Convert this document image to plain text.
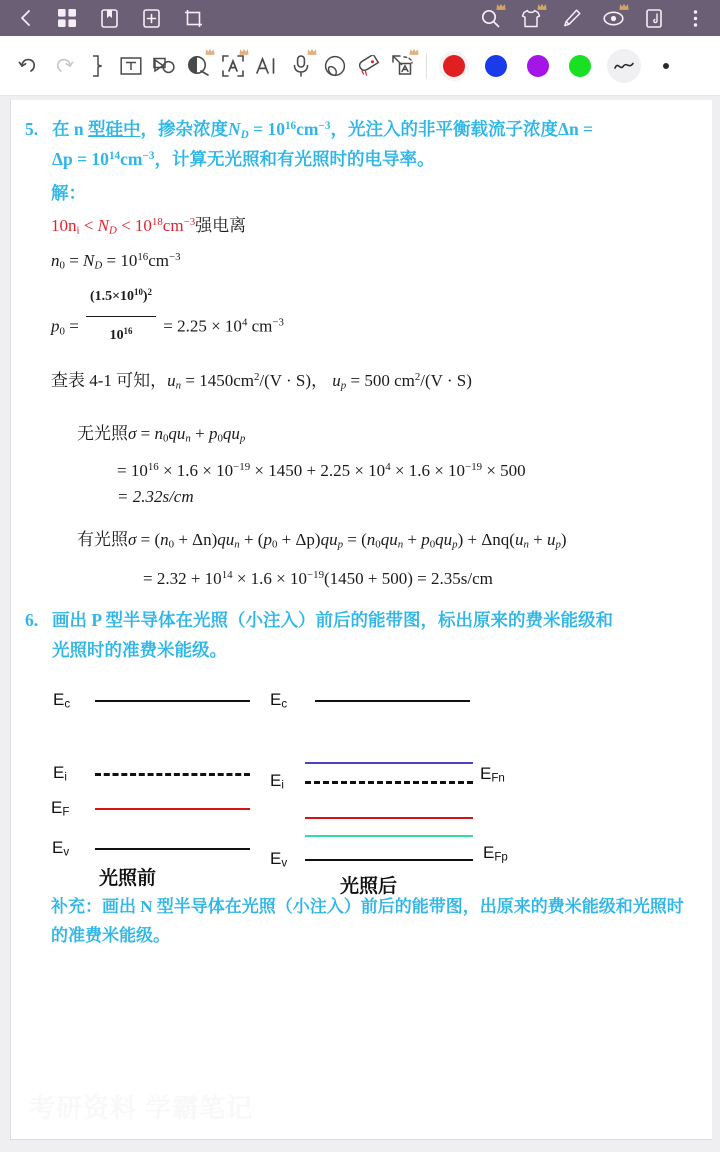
5. 在 n 型硅中，掺杂浓度$N_D = 10^{16}cm^{-3}$，光注入的非平衡载流子浓度Δn =
$\Delta p = 10^{14}cm^{-3}$，计算无光照和有光照时的电导率。
解：
$10n_i < N_D < 10^{18}cm^{-3}$强电离
$n_0 = N_D = 10^{16}cm^{-3}$
$p_0 = \frac{(1.5\times 10^{10})^2}{10^{16}} = 2.25 \times 10^4$ $cm^{-3}$
查表 4-1 可知，$u_n = 1450cm^2/(V \cdot S)$， $u_p = 500$ $cm^2/(V \cdot S)$
无光照$\sigma = n_0qu_n + p_0qu_p$
= $10^{16} \times 1.6 \times 10^{-19} \times 1450 + 2.25 \times 10^4 \times 1.6 \times 10^{-19} \times 500$
= 2.32s/cm
有光照$\sigma = (n_0 + \Delta n)qu_n + (p_0 + \Delta p)qu_p = (n_0qu_n + p_0qu_p) + \Delta nq(u_n + u_p)$
= $2.32 + 10^{14} \times 1.6 \times 10^{-19}(1450 + 500) = 2.35s/cm$
6. 画出 P 型半导体在光照（小注入）前后的能带图，标出原来的费米能级和
光照时的准费米能级。
$E_c$
$E_i$
$E_F$
$E_v$
光照前
$E_c$
$E_{Fn}$
$E_i$
$E_{Fp}$
$E_v$
光照后
补充：画出 N 型半导体在光照（小注入）前后的能带图，出原来的费米能级和光照时的准费米能级。
考研资料 学霸笔记
